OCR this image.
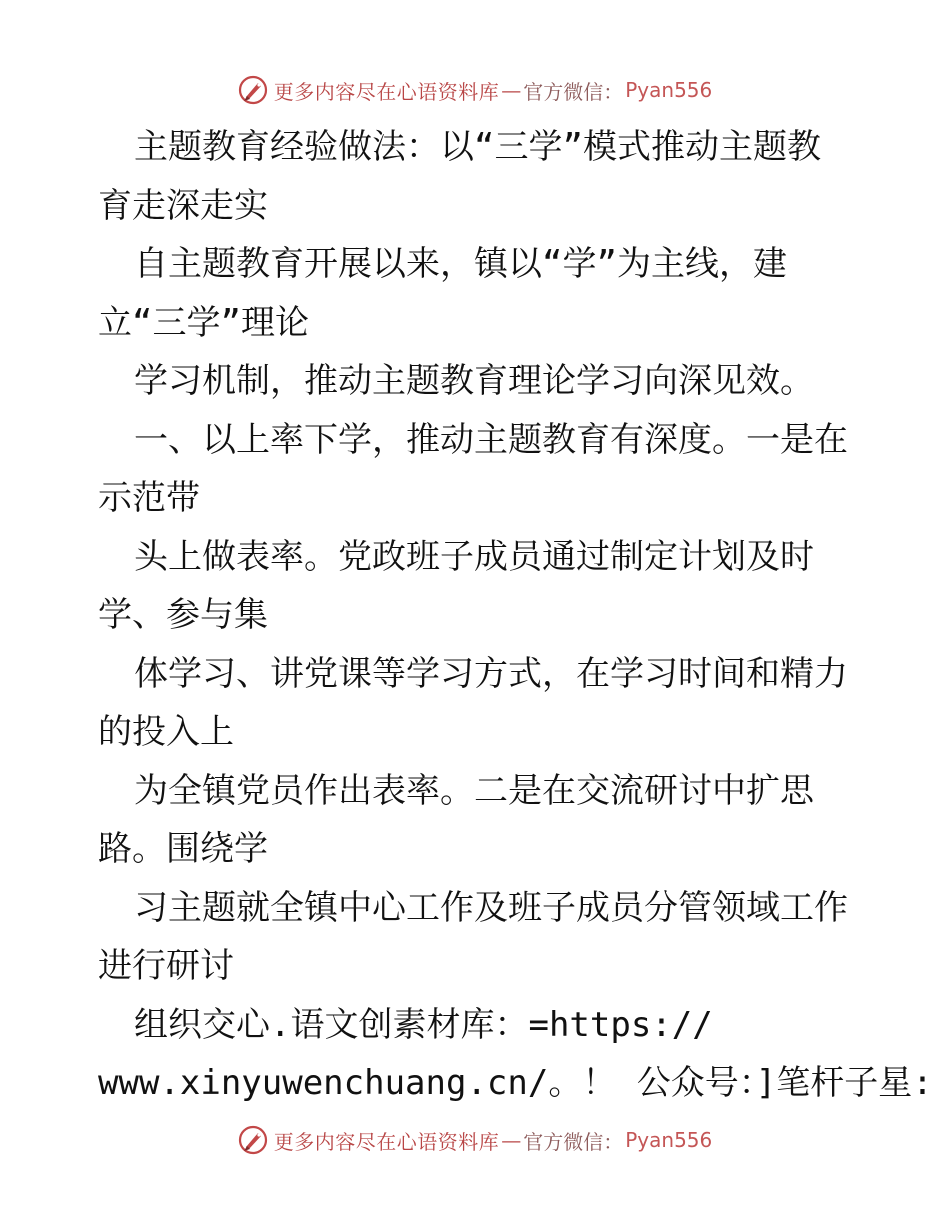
更多内容尽在心语资料库 — 官方微信： Pyan556
主题教育经验做法：以“三学”模式推动主题教
育走深走实
自主题教育开展以来，镇以“学”为主线，建
立“三学”理论
学习机制，推动主题教育理论学习向深见效。
一、以上率下学，推动主题教育有深度。一是在
示范带
头上做表率。党政班子成员通过制定计划及时
学、参与集
体学习、讲党课等学习方式，在学习时间和精力
的投入上
为全镇党员作出表率。二是在交流研讨中扩思
路。围绕学
习主题就全镇中心工作及班子成员分管领域工作
进行研讨
组织交心.语文创素材库：=https://
www.xinyuwenchuang.cn/。！ 公众号：]笔杆子星:
更多内容尽在心语资料库 — 官方微信： Pyan556
